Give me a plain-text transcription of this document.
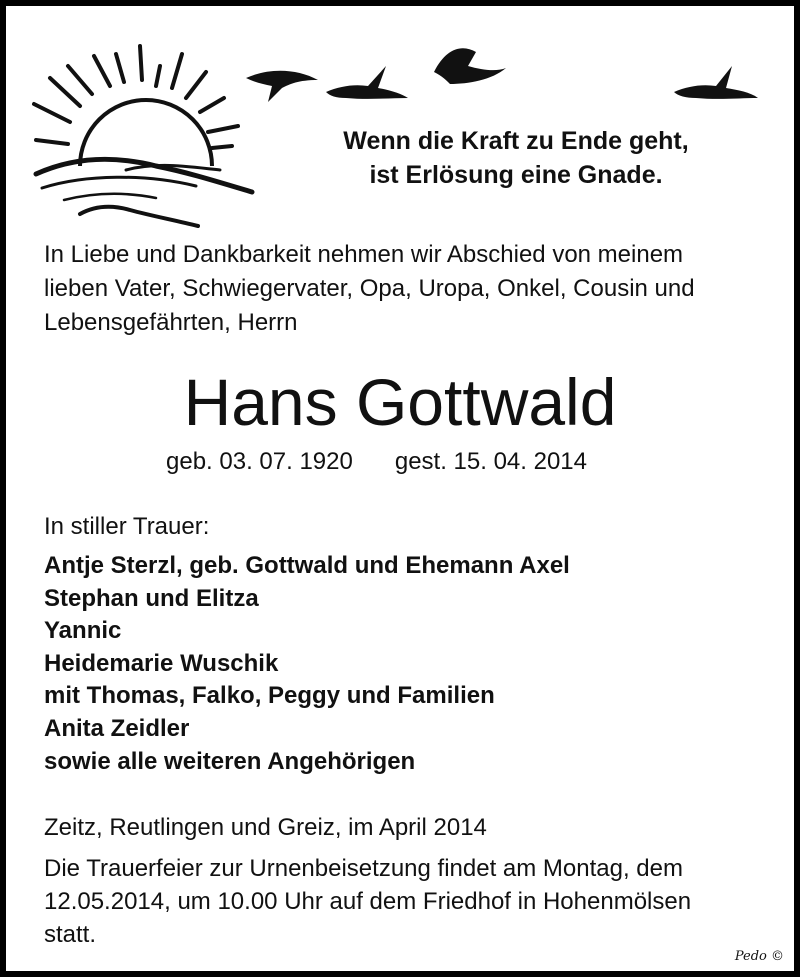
Wenn die Kraft zu Ende geht,
ist Erlösung eine Gnade.
In Liebe und Dankbarkeit nehmen wir Abschied von meinem
lieben Vater, Schwiegervater, Opa, Uropa, Onkel, Cousin und
Lebensgefährten, Herrn
Hans Gottwald
geb. 03. 07. 1920 gest. 15. 04. 2014
In stiller Trauer:
Antje Sterzl, geb. Gottwald und Ehemann Axel
Stephan und Elitza
Yannic
Heidemarie Wuschik
mit Thomas, Falko, Peggy und Familien
Anita Zeidler
sowie alle weiteren Angehörigen
Zeitz, Reutlingen und Greiz, im April 2014
Die Trauerfeier zur Urnenbeisetzung findet am Montag, dem
12.05.2014, um 10.00 Uhr auf dem Friedhof in Hohenmölsen
statt.
Pedo ©
